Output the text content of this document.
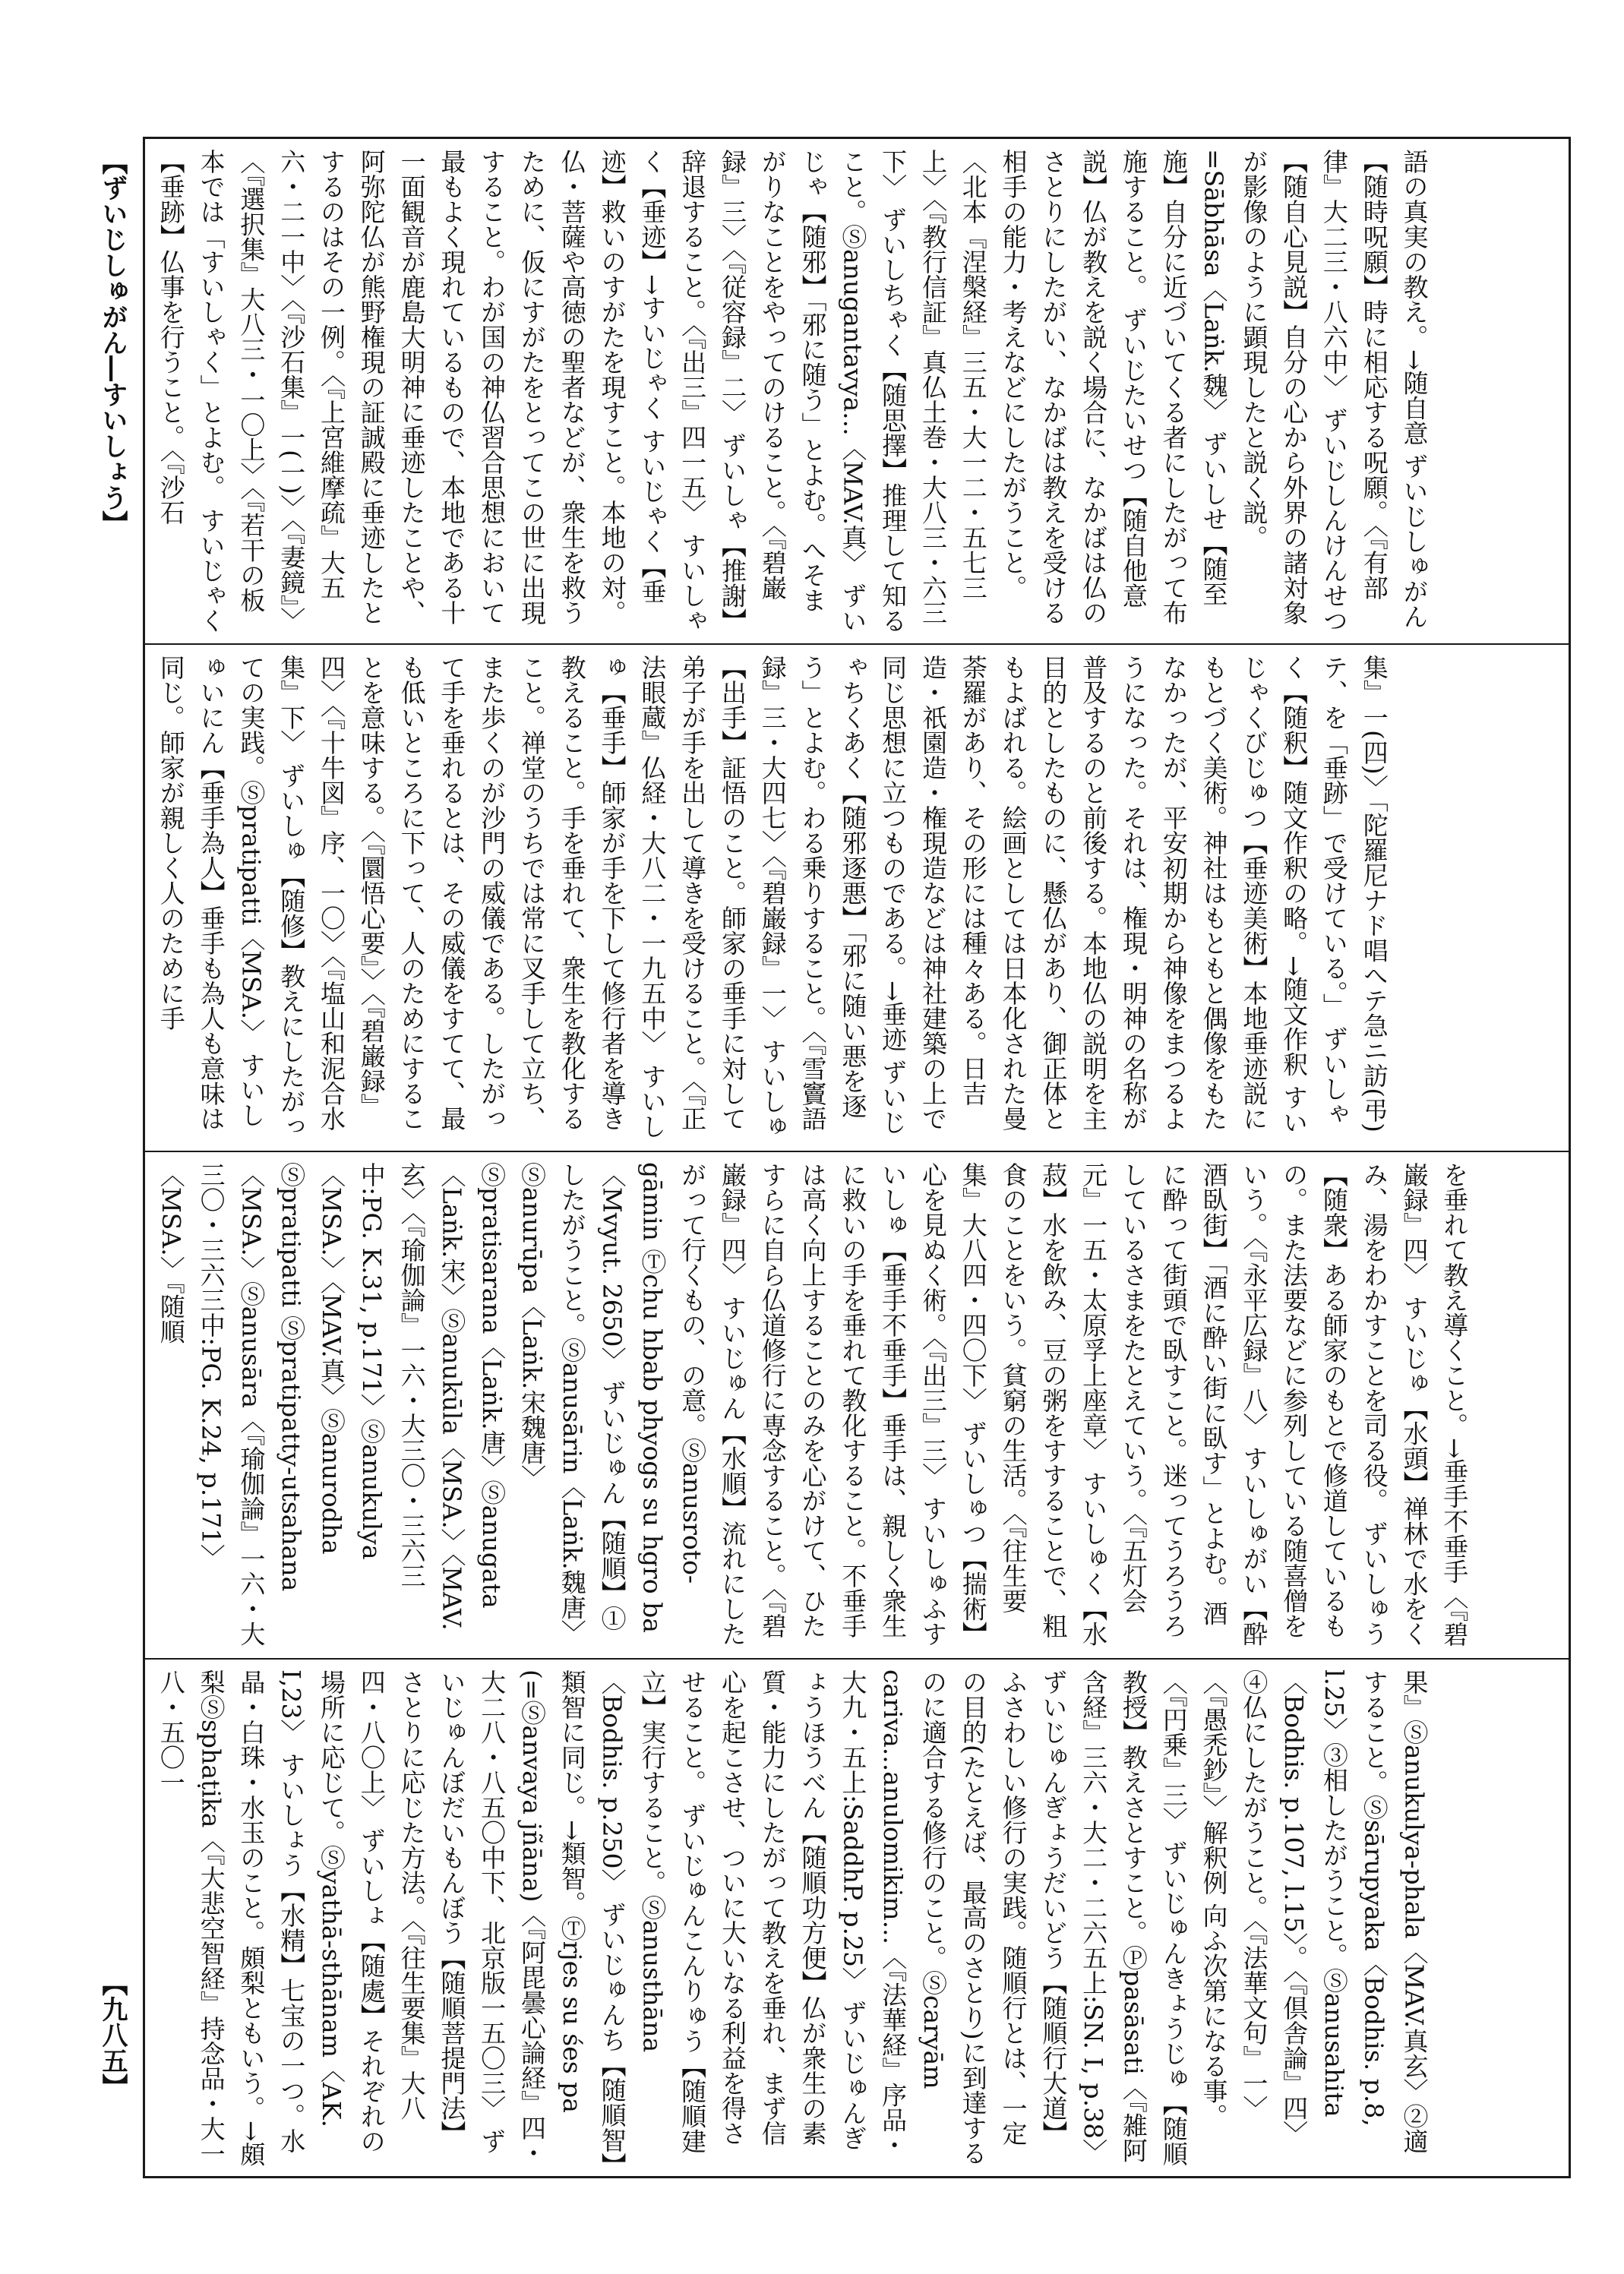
【ずいじしゅがん―すいしょう】
【九八五】
語の真実の教え。→随自意 ずいじしゅがん【随時呪願】時に相応する呪願。〈『有部律』大二三・八六中〉 ずいじしんけんせつ【随自心見説】自分の心から外界の諸対象が影像のように顕現したと説く説。=Sābhāsa〈Laṅk.魏〉 ずいしせ【随至施】自分に近づいてくる者にしたがって布施すること。 ずいじたいせつ【随自他意説】仏が教えを説く場合に、なかばは仏のさとりにしたがい、なかばは教えを受ける相手の能力・考えなどにしたがうこと。〈北本『涅槃経』三五・大一二・五七三上〉〈『教行信証』真仏土巻・大八三・六三下〉 ずいしちゃく【随思擇】推理して知ること。Ⓢanugantavya...〈MAV.真〉 ずいじゃ【随邪】「邪に随う」とよむ。へそまがりなことをやってのけること。〈『碧巌録』三〉〈『従容録』二〉 ずいしゃ【推謝】辞退すること。〈『出三』四一五〉 すいしゃく【垂迹】→すいじゃく すいじゃく【垂迹】救いのすがたを現すこと。本地の対。仏・菩薩や高徳の聖者などが、衆生を救うために、仮にすがたをとってこの世に出現すること。わが国の神仏習合思想において最もよく現れているもので、本地である十一面観音が鹿島大明神に垂迹したことや、阿弥陀仏が熊野権現の証誠殿に垂迹したとするのはその一例。〈『上宮維摩疏』大五六・二一中〉〈『沙石集』一(一)〉〈『妻鏡』〉〈『選択集』大八三・一〇上〉〈『若干の板本では「すいしゃく」とよむ。 すいじゃく【垂跡】仏事を行うこと。〈『沙石
集』一(四)〉「陀羅尼ナド唱へテ急ニ訪(弔)テ、を「垂跡」で受けている。」 ずいしゃく【随釈】随文作釈の略。→随文作釈 すいじゃくびじゅつ【垂迹美術】本地垂迹説にもとづく美術。神社はもともと偶像をもたなかったが、平安初期から神像をまつるようになった。それは、権現・明神の名称が普及するのと前後する。本地仏の説明を主目的としたものに、懸仏があり、御正体ともよばれる。絵画としては日本化された曼荼羅があり、その形には種々ある。日吉造・祇園造・権現造などは神社建築の上で同じ思想に立つものである。→垂迹 ずいじゃちくあく【随邪逐悪】「邪に随い悪を逐う」とよむ。わる乗りすること。〈『雪竇語録』三・大四七〉〈『碧巌録』一〉 すいしゅ【出手】証悟のこと。師家の垂手に対して弟子が手を出して導きを受けること。〈『正法眼蔵』仏経・大八二・一九五中〉 すいしゅ【垂手】師家が手を下して修行者を導き教えること。手を垂れて、衆生を教化すること。禅堂のうちでは常に叉手して立ち、また歩くのが沙門の威儀である。したがって手を垂れるとは、その威儀をすてて、最も低いところに下って、人のためにすることを意味する。〈『圜悟心要』〉〈『碧巌録』四〉〈『十牛図』序、一〇〉〈『塩山和泥合水集』下〉 ずいしゅ【随修】教えにしたがっての実践。Ⓢpratipatti〈MSA.〉 すいしゅいにん【垂手為人】垂手も為人も意味は同じ。師家が親しく人のために手
を垂れて教え導くこと。→垂手不垂手〈『碧巌録』四〉 すいじゅ【水頭】禅林で水をくみ、湯をわかすことを司る役。 ずいしゅう【随衆】ある師家のもとで修道しているもの。また法要などに参列している随喜僧をいう。〈『永平広録』八〉 すいしゅがい【酔酒臥街】「酒に酔い街に臥す」とよむ。酒に酔って街頭で臥すこと。迷ってうろうろしているさまをたとえていう。〈『五灯会元』一五・太原孚上座章〉 すいしゅく【水菽】水を飲み、豆の粥をすすることで、粗食のことをいう。貧窮の生活。〈『往生要集』大八四・四〇下〉 ずいしゅつ【揣術】心を見ぬく術。〈『出三』三〉 すいしゅふすいしゅ【垂手不垂手】垂手は、親しく衆生に救いの手を垂れて教化すること。不垂手は高く向上することのみを心がけて、ひたすらに自ら仏道修行に専念すること。〈『碧巌録』四〉 すいじゅん【水順】流れにしたがって行くもの、の意。Ⓢanusroto-gāmin Ⓣchu hbab phyogs su hgro ba〈Mvyut. 2650〉 ずいじゅん【随順】①したがうこと。Ⓢanusārin〈Laṅk.魏唐〉Ⓢanurūpa〈Laṅk.宋魏唐〉Ⓢpratisarana〈Laṅk.唐〉Ⓢanugata〈Laṅk.宋〉Ⓢanukūla〈MSA.〉〈MAV.玄〉〈『瑜伽論』一六・大三〇・三六三中:PG. K.31, p.171〉Ⓢanukulya〈MSA.〉〈MAV.真〉Ⓢanurodha Ⓢpratipatti Ⓢpratipatty-utsahana〈MSA.〉Ⓢanusāra〈『瑜伽論』一六・大三〇・三六三中:PG. K.24, p.171〉〈MSA.〉『随順
果』Ⓢanukulya-phala〈MAV.真玄〉②適すること。Ⓢsārupyaka〈Bodhis. p.8, l.25〉③相したがうこと。Ⓢanusahita〈Bodhis. p.107, l.15〉。〈『倶舎論』四〉④仏にしたがうこと。〈『法華文句』一〉〈『愚禿鈔』〉解釈例 向ふ次第になる事。〈『円乗』三〉 ずいじゅんきょうじゅ【随順教授】教えさとすこと。Ⓟpasāsati〈『雑阿含経』三六・大二・二六五上:SN. I, p.38〉 ずいじゅんぎょうだいどう【随順行大道】ふさわしい修行の実践。随順行とは、一定の目的(たとえば、最高のさとり)に到達するのに適合する修行のこと。Ⓢcaryām cariva...anulomikim...〈『法華経』序品・大九・五上:SaddhP. p.25〉 ずいじゅんぎょうほうべん【随順功方便】仏が衆生の素質・能力にしたがって教えを垂れ、まず信心を起こさせ、ついに大いなる利益を得させること。 ずいじゅんこんりゅう【随順建立】実行すること。Ⓢanusthāna〈Bodhis. p.250〉 ずいじゅんち【随順智】類智に同じ。→類智。Ⓣrjes su śes pa (=Ⓢanvaya jñāna)〈『阿毘曇心論経』四・大二八・八五〇中下、北京版一五〇三〉 ずいじゅんぼだいもんぼう【随順菩提門法】さとりに応じた方法。〈『往生要集』大八四・八〇上〉 ずいしょ【随處】それぞれの場所に応じて。Ⓢyathā-sthānam〈AK. I,23〉 すいしょう【水精】七宝の一つ。水晶・白珠・水玉のこと。頗梨ともいう。→頗梨Ⓢsphaṭika〈『大悲空智経』持念品・大一八・五〇一
